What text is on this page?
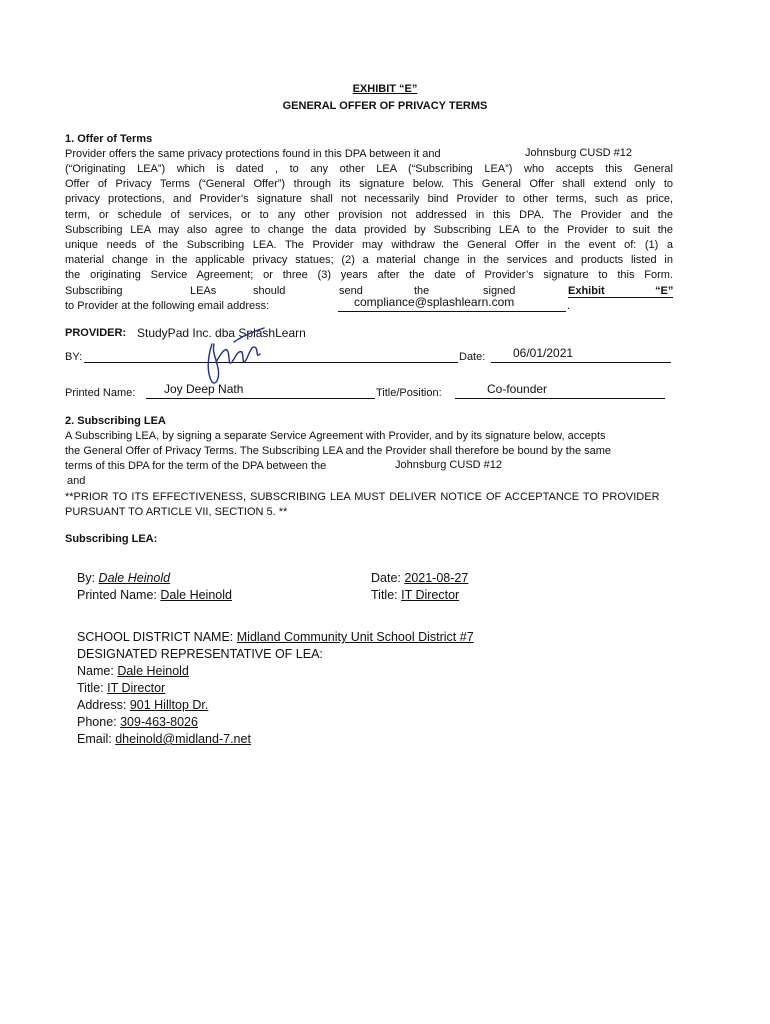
EXHIBIT “E”
GENERAL OFFER OF PRIVACY TERMS
1. Offer of Terms
Provider offers the same privacy protections found in this DPA between it and	Johnsburg CUSD #12
(“Originating LEA”) which is dated , to any other LEA (“Subscribing LEA”) who accepts this General
Offer of Privacy Terms (“General Offer”) through its signature below. This General Offer shall extend only to
privacy protections, and Provider’s signature shall not necessarily bind Provider to other terms, such as price,
term, or schedule of services, or to any other provision not addressed in this DPA. The Provider and the
Subscribing LEA may also agree to change the data provided by Subscribing LEA to the Provider to suit the
unique needs of the Subscribing LEA. The Provider may withdraw the General Offer in the event of: (1) a
material change in the applicable privacy statues; (2) a material change in the services and products listed in
the originating Service Agreement; or three (3) years after the date of Provider’s signature to this Form.
Subscribing	LEAs	should	send	the	signed	Exhibit	“E”
to Provider at the following email address:	compliance@splashlearn.com	.
PROVIDER: StudyPad Inc. dba SplashLearn
BY:	Date: 06/01/2021
Printed Name: Joy Deep Nath	Title/Position:	Co-founder
2. Subscribing LEA
A Subscribing LEA, by signing a separate Service Agreement with Provider, and by its signature below, accepts
the General Offer of Privacy Terms. The Subscribing LEA and the Provider shall therefore be bound by the same
terms of this DPA for the term of the DPA between the	Johnsburg CUSD #12
and
**PRIOR TO ITS EFFECTIVENESS, SUBSCRIBING LEA MUST DELIVER NOTICE OF ACCEPTANCE TO PROVIDER
PURSUANT TO ARTICLE VII, SECTION 5. **
Subscribing LEA:
By: Dale Heinold	Date: 2021-08-27
Printed Name: Dale Heinold	Title: IT Director
SCHOOL DISTRICT NAME: Midland Community Unit School District #7
DESIGNATED REPRESENTATIVE OF LEA:
Name: Dale Heinold
Title: IT Director
Address: 901 Hilltop Dr.
Phone: 309-463-8026
Email: dheinold@midland-7.net
